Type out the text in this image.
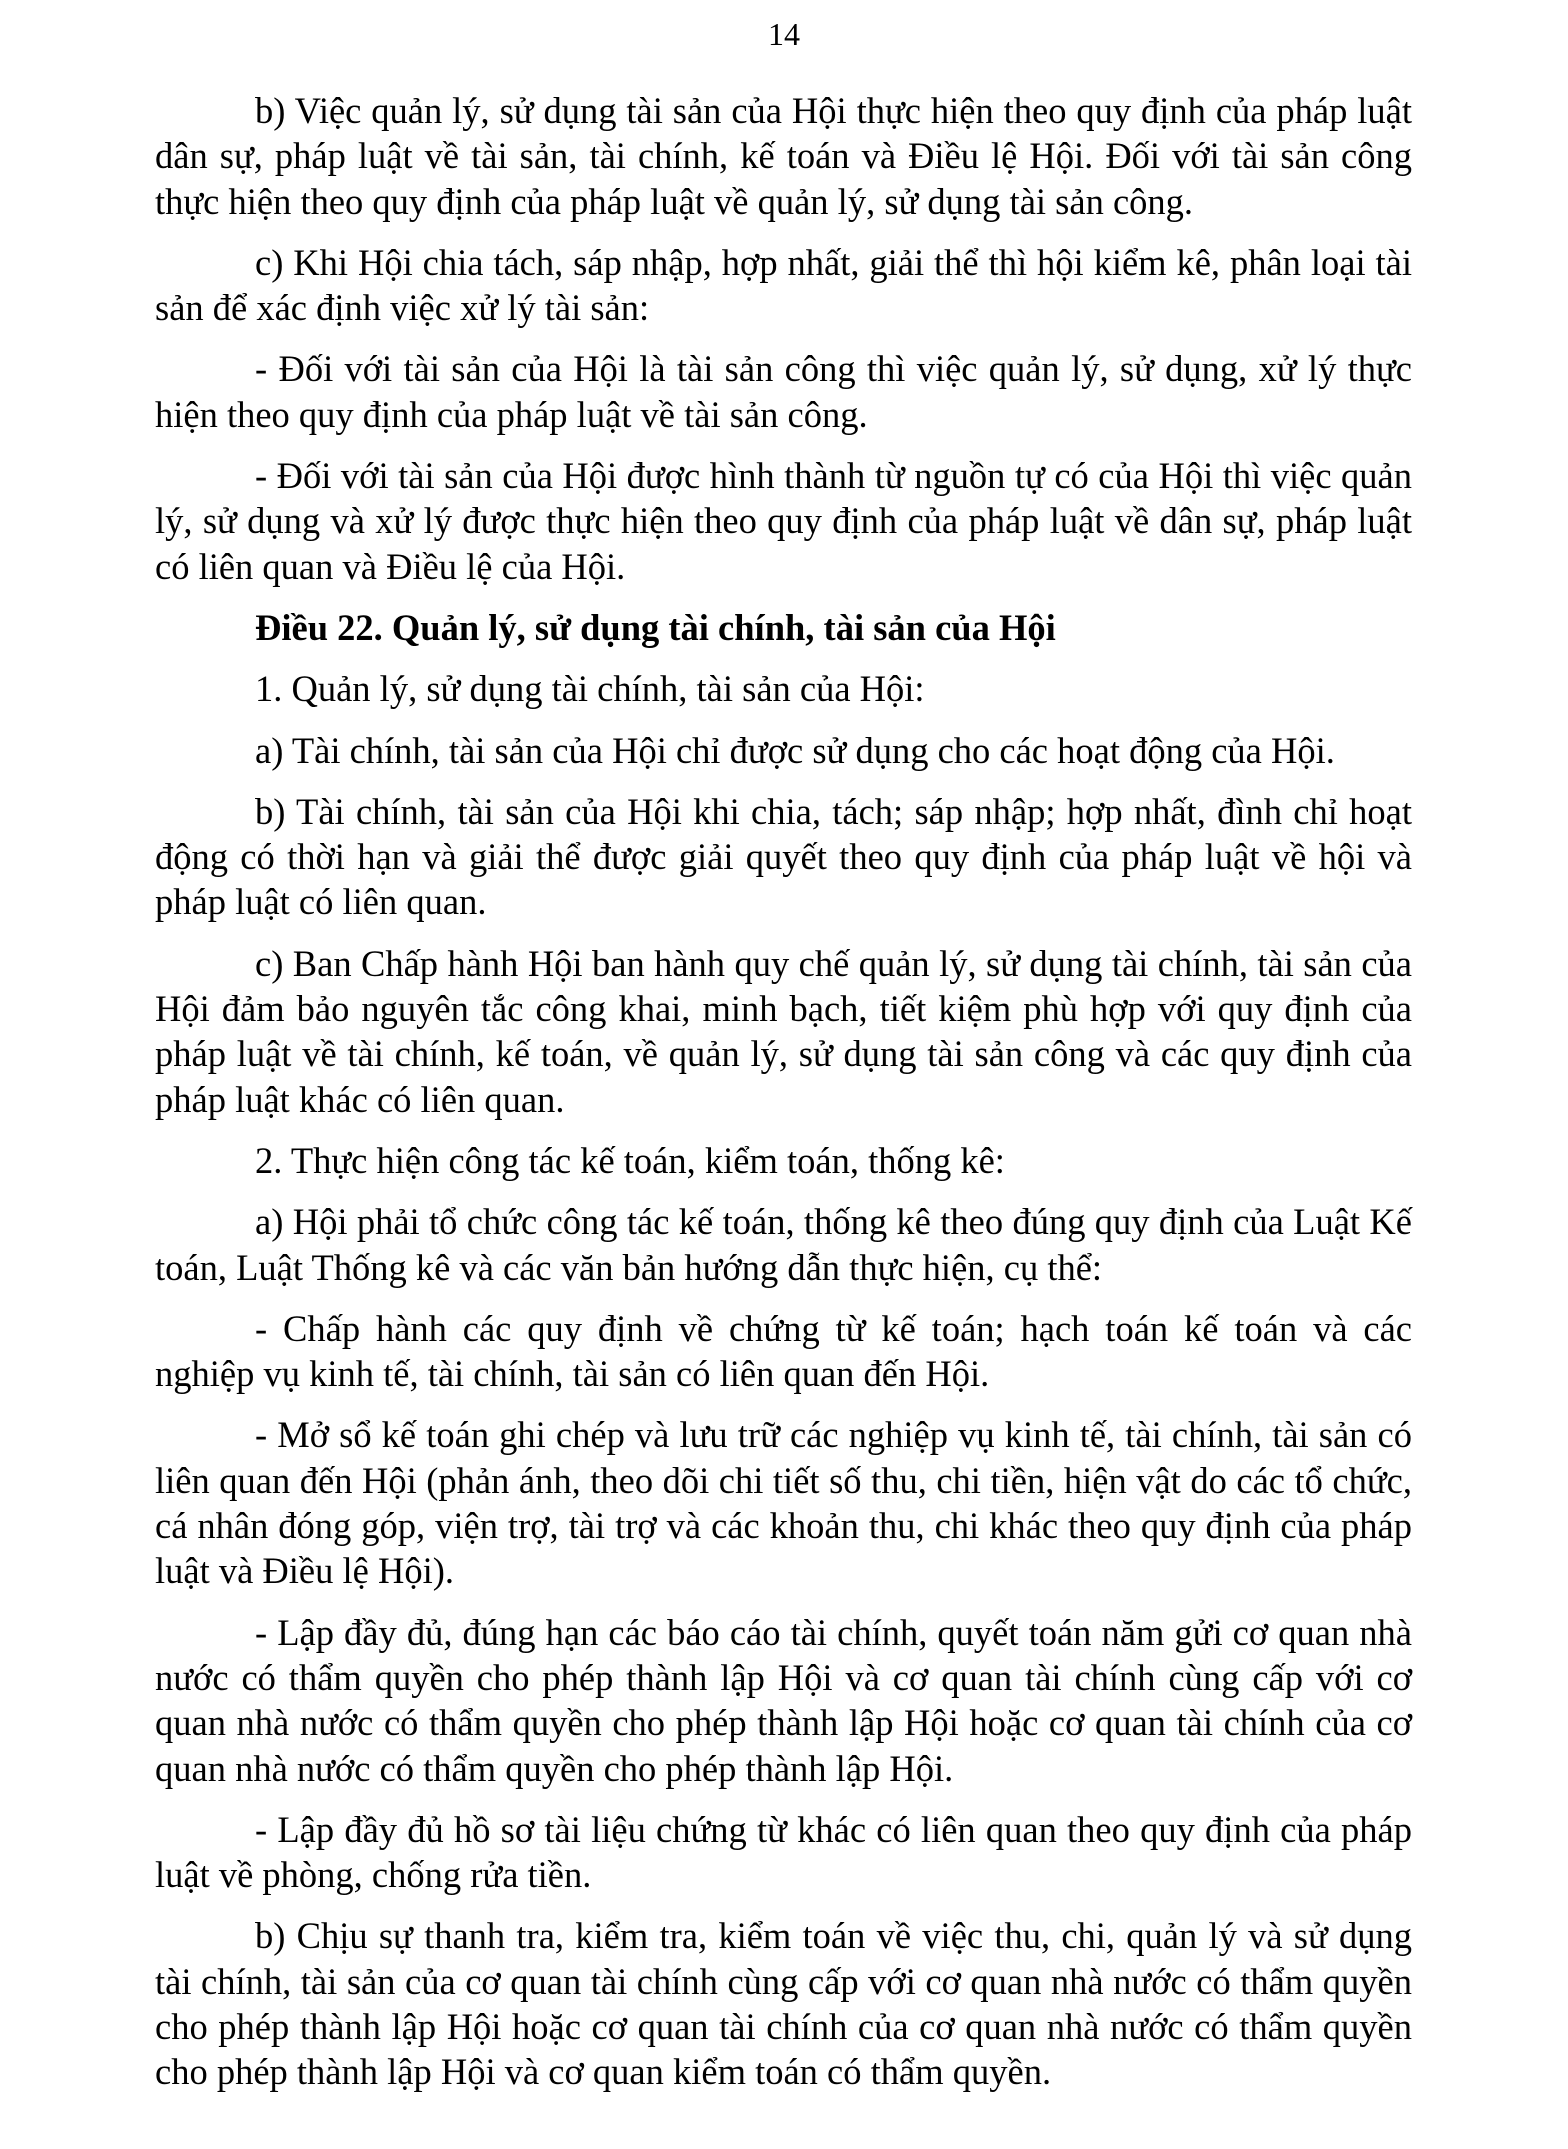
14

b) Việc quản lý, sử dụng tài sản của Hội thực hiện theo quy định của pháp luật dân sự, pháp luật về tài sản, tài chính, kế toán và Điều lệ Hội. Đối với tài sản công thực hiện theo quy định của pháp luật về quản lý, sử dụng tài sản công.

c) Khi Hội chia tách, sáp nhập, hợp nhất, giải thể thì hội kiểm kê, phân loại tài sản để xác định việc xử lý tài sản:

- Đối với tài sản của Hội là tài sản công thì việc quản lý, sử dụng, xử lý thực hiện theo quy định của pháp luật về tài sản công.

- Đối với tài sản của Hội được hình thành từ nguồn tự có của Hội thì việc quản lý, sử dụng và xử lý được thực hiện theo quy định của pháp luật về dân sự, pháp luật có liên quan và Điều lệ của Hội.

Điều 22. Quản lý, sử dụng tài chính, tài sản của Hội

1. Quản lý, sử dụng tài chính, tài sản của Hội:

a) Tài chính, tài sản của Hội chỉ được sử dụng cho các hoạt động của Hội.

b) Tài chính, tài sản của Hội khi chia, tách; sáp nhập; hợp nhất, đình chỉ hoạt động có thời hạn và giải thể được giải quyết theo quy định của pháp luật về hội và pháp luật có liên quan.

c) Ban Chấp hành Hội ban hành quy chế quản lý, sử dụng tài chính, tài sản của Hội đảm bảo nguyên tắc công khai, minh bạch, tiết kiệm phù hợp với quy định của pháp luật về tài chính, kế toán, về quản lý, sử dụng tài sản công và các quy định của pháp luật khác có liên quan.

2. Thực hiện công tác kế toán, kiểm toán, thống kê:

a) Hội phải tổ chức công tác kế toán, thống kê theo đúng quy định của Luật Kế toán, Luật Thống kê và các văn bản hướng dẫn thực hiện, cụ thể:

- Chấp hành các quy định về chứng từ kế toán; hạch toán kế toán và các nghiệp vụ kinh tế, tài chính, tài sản có liên quan đến Hội.

- Mở sổ kế toán ghi chép và lưu trữ các nghiệp vụ kinh tế, tài chính, tài sản có liên quan đến Hội (phản ánh, theo dõi chi tiết số thu, chi tiền, hiện vật do các tổ chức, cá nhân đóng góp, viện trợ, tài trợ và các khoản thu, chi khác theo quy định của pháp luật và Điều lệ Hội).

- Lập đầy đủ, đúng hạn các báo cáo tài chính, quyết toán năm gửi cơ quan nhà nước có thẩm quyền cho phép thành lập Hội và cơ quan tài chính cùng cấp với cơ quan nhà nước có thẩm quyền cho phép thành lập Hội hoặc cơ quan tài chính của cơ quan nhà nước có thẩm quyền cho phép thành lập Hội.

- Lập đầy đủ hồ sơ tài liệu chứng từ khác có liên quan theo quy định của pháp luật về phòng, chống rửa tiền.

b) Chịu sự thanh tra, kiểm tra, kiểm toán về việc thu, chi, quản lý và sử dụng tài chính, tài sản của cơ quan tài chính cùng cấp với cơ quan nhà nước có thẩm quyền cho phép thành lập Hội hoặc cơ quan tài chính của cơ quan nhà nước có thẩm quyền cho phép thành lập Hội và cơ quan kiểm toán có thẩm quyền.
